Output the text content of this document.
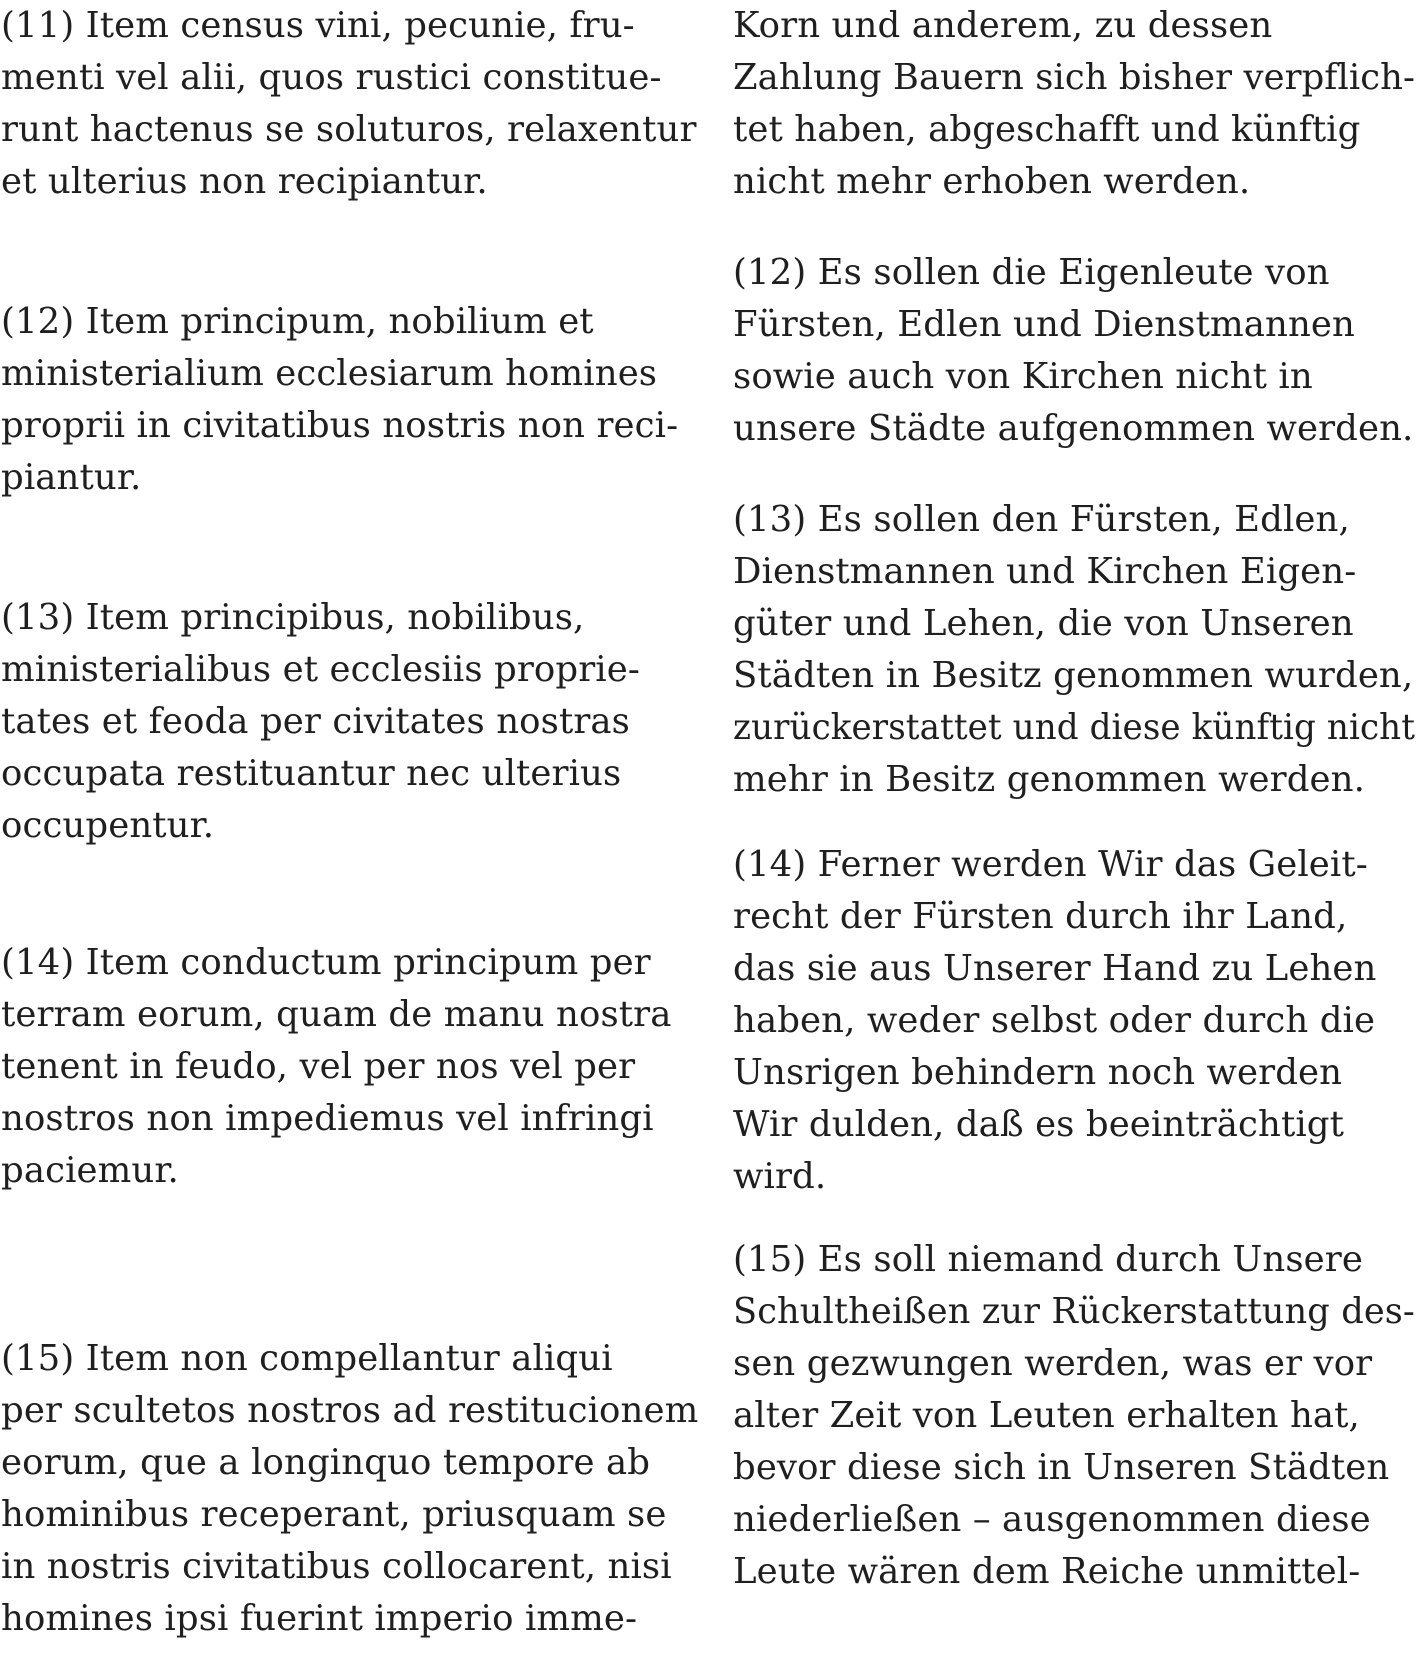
(11) Item census vini, pecunie, fru-
menti vel alii, quos rustici constitue-
runt hactenus se soluturos, relaxentur
et ulterius non recipiantur.
(12) Item principum, nobilium et
ministerialium ecclesiarum homines
proprii in civitatibus nostris non reci-
piantur.
(13) Item principibus, nobilibus,
ministerialibus et ecclesiis proprie-
tates et feoda per civitates nostras
occupata restituantur nec ulterius
occupentur.
(14) Item conductum principum per
terram eorum, quam de manu nostra
tenent in feudo, vel per nos vel per
nostros non impediemus vel infringi
paciemur.
(15) Item non compellantur aliqui
per scultetos nostros ad restitucionem
eorum, que a longinquo tempore ab
hominibus receperant, priusquam se
in nostris civitatibus collocarent, nisi
homines ipsi fuerint imperio imme-
Korn und anderem, zu dessen
Zahlung Bauern sich bisher verpflich-
tet haben, abgeschafft und künftig
nicht mehr erhoben werden.
(12) Es sollen die Eigenleute von
Fürsten, Edlen und Dienstmannen
sowie auch von Kirchen nicht in
unsere Städte aufgenommen werden.
(13) Es sollen den Fürsten, Edlen,
Dienstmannen und Kirchen Eigen-
güter und Lehen, die von Unseren
Städten in Besitz genommen wurden,
zurückerstattet und diese künftig nicht
mehr in Besitz genommen werden.
(14) Ferner werden Wir das Geleit-
recht der Fürsten durch ihr Land,
das sie aus Unserer Hand zu Lehen
haben, weder selbst oder durch die
Unsrigen behindern noch werden
Wir dulden, daß es beeinträchtigt
wird.
(15) Es soll niemand durch Unsere
Schultheißen zur Rückerstattung des-
sen gezwungen werden, was er vor
alter Zeit von Leuten erhalten hat,
bevor diese sich in Unseren Städten
niederließen – ausgenommen diese
Leute wären dem Reiche unmittel-
